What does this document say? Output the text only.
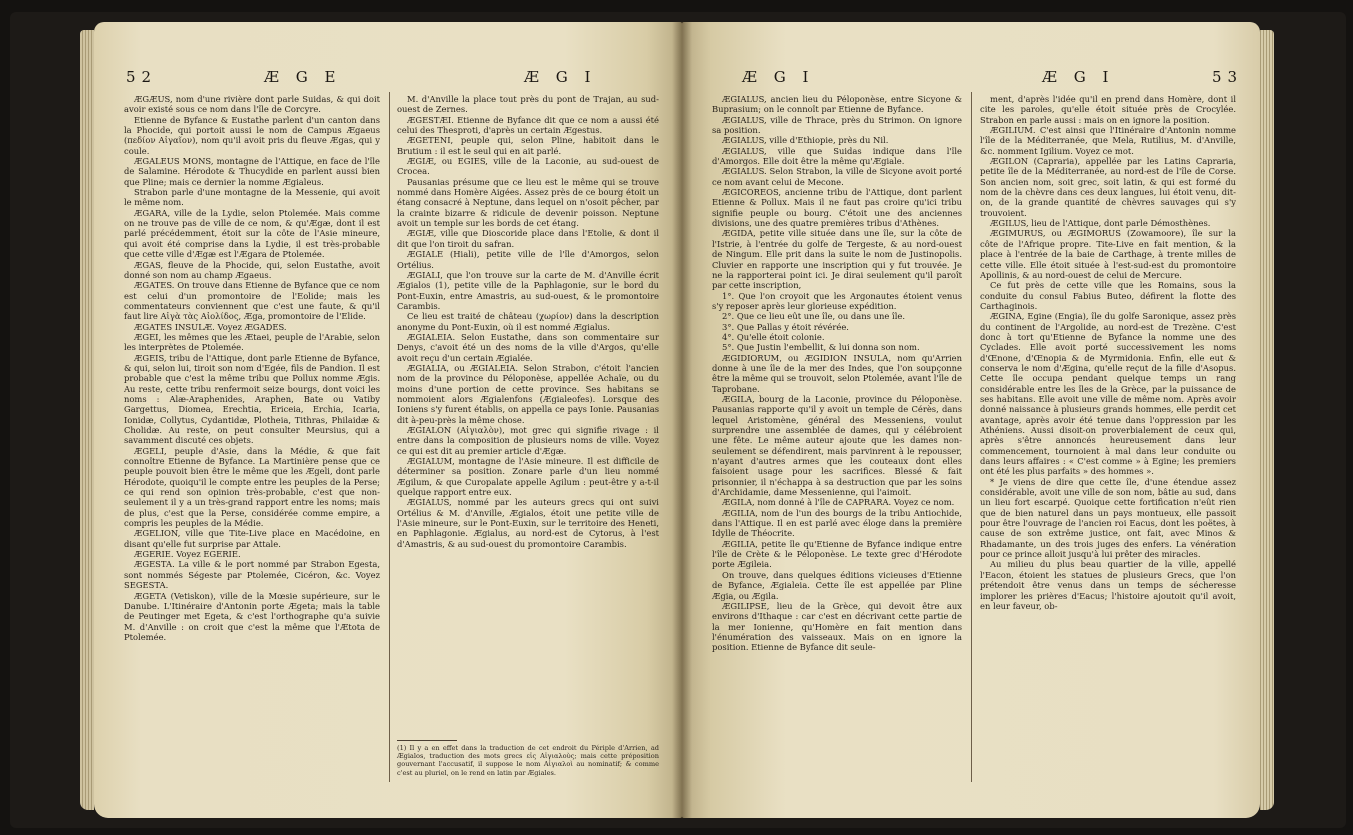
52	Æ G E	Æ G I

ÆGÆUS, nom d'une rivière dont parle Suidas, & qui doit avoir existé sous ce nom dans l'île de Corcyre.

Etienne de Byfance & Eustathe parlent d'un canton dans la Phocide, qui portoit aussi le nom de Campus Ægaeus (πεδίον Αἰγαῖον), nom qu'il avoit pris du fleuve Ægas, qui y coule.

ÆGALEUS MONS, montagne de l'Attique, en face de l'île de Salamine. Hérodote & Thucydide en parlent aussi bien que Pline; mais ce dernier la nomme Ægialeus.

Strabon parle d'une montagne de la Messenie, qui avoit le même nom.

ÆGARA, ville de la Lydie, selon Ptolemée. Mais comme on ne trouve pas de ville de ce nom, & qu'Ægæ, dont il est parlé précédemment, étoit sur la côte de l'Asie mineure, qui avoit été comprise dans la Lydie, il est très-probable que cette ville d'Ægæ est l'Ægara de Ptolemée.

ÆGAS, fleuve de la Phocide, qui, selon Eustathe, avoit donné son nom au champ Ægaeus.

ÆGATES. On trouve dans Etienne de Byfance que ce nom est celui d'un promontoire de l'Eolide; mais les commentateurs conviennent que c'est une faute, & qu'il faut lire Αἰγὰ τὰς Αἰολίδος, Æga, promontoire de l'Elide.

ÆGATES INSULÆ. Voyez ÆGADES.

ÆGEI, les mêmes que les Ætaei, peuple de l'Arabie, selon les interprètes de Ptolemée.

ÆGEIS, tribu de l'Attique, dont parle Etienne de Byfance, & qui, selon lui, tiroit son nom d'Egée, fils de Pandion. Il est probable que c'est la même tribu que Pollux nomme Ægis. Au reste, cette tribu renfermoit seize bourgs, dont voici les noms : Alæ-Araphenides, Araphen, Bate ou Vatiby Gargettus, Diomea, Erechtia, Ericeia, Erchia, Icaria, Ionidæ, Collytus, Cydantidæ, Plotheia, Tithras, Philaidæ & Cholidæ. Au reste, on peut consulter Meursius, qui a savamment discuté ces objets.

ÆGELI, peuple d'Asie, dans la Médie, & que fait connoître Etienne de Byfance. La Martinière pense que ce peuple pouvoit bien être le même que les Ægeli, dont parle Hérodote, quoiqu'il le compte entre les peuples de la Perse; ce qui rend son opinion très-probable, c'est que non-seulement il y a un très-grand rapport entre les noms; mais de plus, c'est que la Perse, considérée comme empire, a compris les peuples de la Médie.

ÆGELION, ville que Tite-Live place en Macédoine, en disant qu'elle fut surprise par Attale.

ÆGERIE. Voyez EGERIE.

ÆGESTA. La ville & le port nommé par Strabon Egesta, sont nommés Ségeste par Ptolemée, Cicéron, &c. Voyez SEGESTA.

ÆGETA (Vetiskon), ville de la Mœsie supérieure, sur le Danube. L'Itinéraire d'Antonin porte Ægeta; mais la table de Peutinger met Egeta, & c'est l'orthographe qu'a suivie M. d'Anville : on croit que c'est la même que l'Ætota de Ptolemée.

M. d'Anville la place tout près du pont de Trajan, au sud-ouest de Zernes.

ÆGESTÆI. Etienne de Byfance dit que ce nom a aussi été celui des Thesproti, d'après un certain Ægestus.

ÆGETENI, peuple qui, selon Pline, habitoit dans le Brutium : il est le seul qui en ait parlé.

ÆGIÆ, ou EGIES, ville de la Laconie, au sud-ouest de Crocea.

Pausanias présume que ce lieu est le même qui se trouve nommé dans Homère Aigées. Assez près de ce bourg étoit un étang consacré à Neptune, dans lequel on n'osoit pêcher, par la crainte bizarre & ridicule de devenir poisson. Neptune avoit un temple sur les bords de cet étang.

ÆGIÆ, ville que Dioscoride place dans l'Etolie, & dont il dit que l'on tiroit du safran.

ÆGIALE (Hiali), petite ville de l'île d'Amorgos, selon Ortélius.

ÆGIALI, que l'on trouve sur la carte de M. d'Anville écrit Ægialos (1), petite ville de la Paphlagonie, sur le bord du Pont-Euxin, entre Amastris, au sud-ouest, & le promontoire Carambis.

Ce lieu est traité de château (χωρίον) dans la description anonyme du Pont-Euxin, où il est nommé Ægialus.

ÆGIALEIA. Selon Eustathe, dans son commentaire sur Denys, c'avoit été un des noms de la ville d'Argos, qu'elle avoit reçu d'un certain Ægialée.

ÆGIALIA, ou ÆGIALEIA. Selon Strabon, c'étoit l'ancien nom de la province du Péloponèse, appellée Achaïe, ou du moins d'une portion de cette province. Ses habitans se nommoient alors Ægialenfons (Ægialeofes). Lorsque des Ioniens s'y furent établis, on appella ce pays Ionie. Pausanias dit à-peu-près la même chose.

ÆGIALON (Αἰγιαλὸν), mot grec qui signifie rivage : il entre dans la composition de plusieurs noms de ville. Voyez ce qui est dit au premier article d'Ægæ.

ÆGIALUM, montagne de l'Asie mineure. Il est difficile de déterminer sa position. Zonare parle d'un lieu nommé Ægilum, & que Curopalate appelle Agilum : peut-être y a-t-il quelque rapport entre eux.

ÆGIALUS, nommé par les auteurs grecs qui ont suivi Ortélius & M. d'Anville, Ægialos, étoit une petite ville de l'Asie mineure, sur le Pont-Euxin, sur le territoire des Heneti, en Paphlagonie. Ægialus, au nord-est de Cytorus, à l'est d'Amastris, & au sud-ouest du promontoire Carambis.

(1) Il y a en effet dans la traduction de cet endroit du Périple d'Arrien, ad Ægialos, traduction des mots grecs εἰς Αἰγιαλοὺς; mais cette préposition gouvernant l'accusatif, il suppose le nom Αἰγιαλοὶ au nominatif; & comme c'est au pluriel, on le rend en latin par Ægiales.
Æ G I	Æ G I	53

ÆGIALUS, ancien lieu du Péloponèse, entre Sicyone & Buprasium; on le connoît par Etienne de Byfance.

ÆGIALUS, ville de Thrace, près du Strimon. On ignore sa position.

ÆGIALUS, ville d'Ethiopie, près du Nil.

ÆGIALUS, ville que Suidas indique dans l'île d'Amorgos. Elle doit être la même qu'Ægiale.

ÆGIALUS. Selon Strabon, la ville de Sicyone avoit porté ce nom avant celui de Mecone.

ÆGICOREOS, ancienne tribu de l'Attique, dont parlent Etienne & Pollux. Mais il ne faut pas croire qu'ici tribu signifie peuple ou bourg. C'étoit une des anciennes divisions, une des quatre premières tribus d'Athènes.

ÆGIDA, petite ville située dans une île, sur la côte de l'Istrie, à l'entrée du golfe de Tergeste, & au nord-ouest de Ningum. Elle prit dans la suite le nom de Justinopolis. Cluvier en rapporte une inscription qui y fut trouvée. Je ne la rapporterai point ici. Je dirai seulement qu'il paroît par cette inscription,

1°. Que l'on croyoit que les Argonautes étoient venus s'y reposer après leur glorieuse expédition.

2°. Que ce lieu eût une île, ou dans une île.

3°. Que Pallas y étoit révérée.

4°. Qu'elle étoit colonie.

5°. Que Justin l'embellit, & lui donna son nom.

ÆGIDIORUM, ou ÆGIDION INSULA, nom qu'Arrien donne à une île de la mer des Indes, que l'on soupçonne être la même qui se trouvoit, selon Ptolemée, avant l'île de Taprobane.

ÆGILA, bourg de la Laconie, province du Péloponèse. Pausanias rapporte qu'il y avoit un temple de Cérès, dans lequel Aristomène, général des Messeniens, voulut surprendre une assemblée de dames, qui y célébroient une fête. Le même auteur ajoute que les dames non-seulement se défendirent, mais parvinrent à le repousser, n'ayant d'autres armes que les couteaux dont elles faisoient usage pour les sacrifices. Blessé & fait prisonnier, il n'échappa à sa destruction que par les soins d'Archidamie, dame Messenienne, qui l'aimoit.

ÆGILA, nom donné à l'île de CAPRARA. Voyez ce nom.

ÆGILIA, nom de l'un des bourgs de la tribu Antiochide, dans l'Attique. Il en est parlé avec éloge dans la première Idylle de Théocrite.

ÆGILIA, petite île qu'Etienne de Byfance indique entre l'île de Crète & le Péloponèse. Le texte grec d'Hérodote porte Ægileia.

On trouve, dans quelques éditions vicieuses d'Etienne de Byfance, Ægialeia. Cette île est appellée par Pline Ægia, ou Ægila.

ÆGILIPSE, lieu de la Grèce, qui devoit être aux environs d'Ithaque : car c'est en décrivant cette partie de la mer Ionienne, qu'Homère en fait mention dans l'énumération des vaisseaux. Mais on en ignore la position. Etienne de Byfance dit seule-

ment, d'après l'idée qu'il en prend dans Homère, dont il cite les paroles, qu'elle étoit située près de Crocylée. Strabon en parle aussi : mais on en ignore la position.

ÆGILIUM. C'est ainsi que l'Itinéraire d'Antonin nomme l'île de la Méditerranée, que Mela, Rutilius, M. d'Anville, &c. nomment Igilium. Voyez ce mot.

ÆGILON (Capraria), appellée par les Latins Capraria, petite île de la Méditerranée, au nord-est de l'île de Corse. Son ancien nom, soit grec, soit latin, & qui est formé du nom de la chèvre dans ces deux langues, lui étoit venu, dit-on, de la grande quantité de chèvres sauvages qui s'y trouvoient.

ÆGILUS, lieu de l'Attique, dont parle Démosthènes.

ÆGIMURUS, ou ÆGIMORUS (Zowamoore), île sur la côte de l'Afrique propre. Tite-Live en fait mention, & la place à l'entrée de la baie de Carthage, à trente milles de cette ville. Elle étoit située à l'est-sud-est du promontoire Apollinis, & au nord-ouest de celui de Mercure.

Ce fut près de cette ville que les Romains, sous la conduite du consul Fabius Buteo, défirent la flotte des Carthaginois.

ÆGINA, Egine (Engia), île du golfe Saronique, assez près du continent de l'Argolide, au nord-est de Trezène. C'est donc à tort qu'Etienne de Byfance la nomme une des Cyclades. Elle avoit porté successivement les noms d'Œnone, d'Œnopia & de Myrmidonia. Enfin, elle eut & conserva le nom d'Ægina, qu'elle reçut de la fille d'Asopus. Cette île occupa pendant quelque temps un rang considérable entre les îles de la Grèce, par la puissance de ses habitans. Elle avoit une ville de même nom. Après avoir donné naissance à plusieurs grands hommes, elle perdit cet avantage, après avoir été tenue dans l'oppression par les Athéniens. Aussi disoit-on proverbialement de ceux qui, après s'être annoncés heureusement dans leur commencement, tournoient à mal dans leur conduite ou dans leurs affaires : « C'est comme » à Egine; les premiers ont été les plus parfaits » des hommes ».

* Je viens de dire que cette île, d'une étendue assez considérable, avoit une ville de son nom, bâtie au sud, dans un lieu fort escarpé. Quoique cette fortification n'eût rien que de bien naturel dans un pays montueux, elle passoit pour être l'ouvrage de l'ancien roi Eacus, dont les poëtes, à cause de son extrême justice, ont fait, avec Minos & Rhadamante, un des trois juges des enfers. La vénération pour ce prince alloit jusqu'à lui prêter des miracles.

Au milieu du plus beau quartier de la ville, appellé l'Eacon, étoient les statues de plusieurs Grecs, que l'on prétendoit être venus dans un temps de sécheresse implorer les prières d'Eacus; l'histoire ajoutoit qu'il avoit, en leur faveur, ob-
